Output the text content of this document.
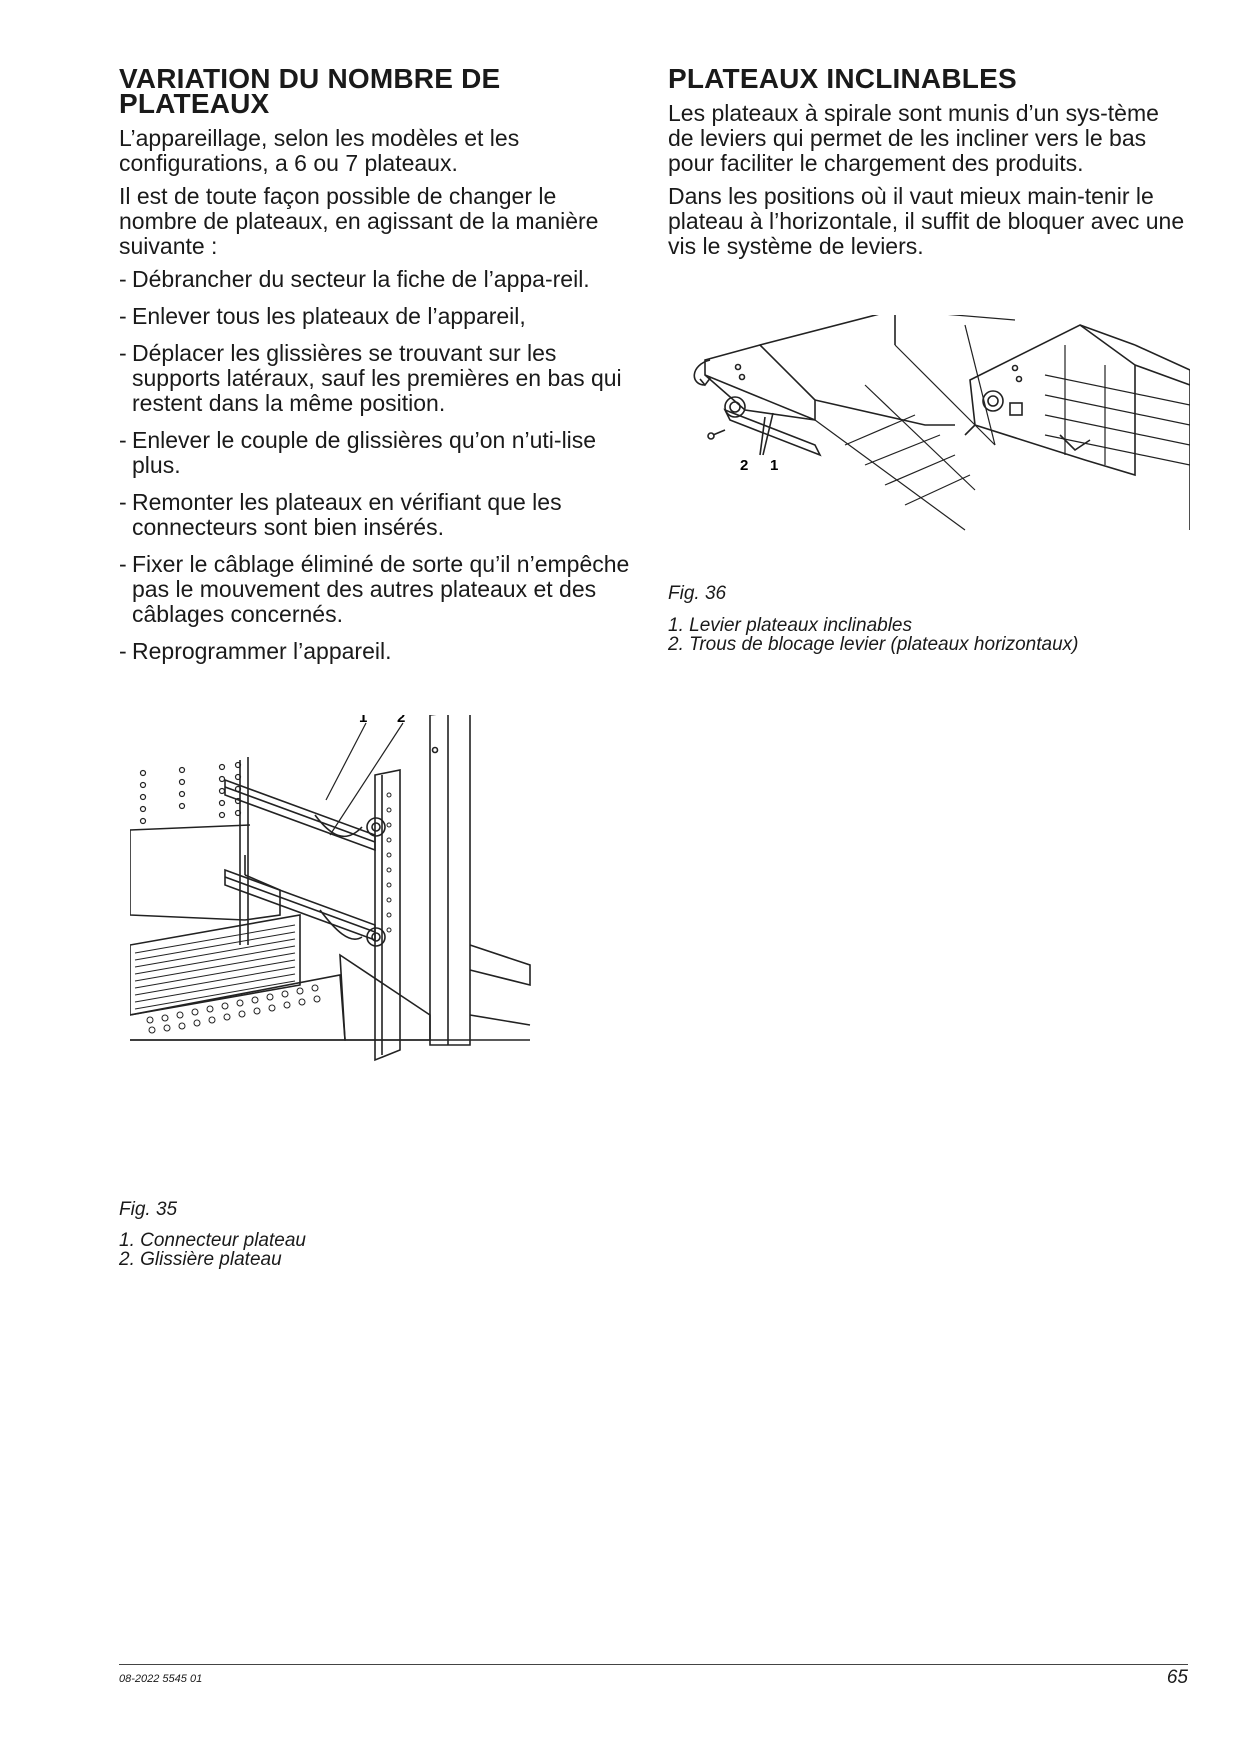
VARIATION DU NOMBRE DE PLATEAUX

L’appareillage, selon les modèles et les configurations, a 6 ou 7 plateaux.

Il est de toute façon possible de changer le nombre de plateaux, en agissant de la manière suivante :

- Débrancher du secteur la fiche de l’appa-reil.
- Enlever tous les plateaux de l’appareil,
- Déplacer les glissières se trouvant sur les supports latéraux, sauf les premières en bas qui restent dans la même position.
- Enlever le couple de glissières qu’on n’uti-lise plus.
- Remonter les plateaux en vérifiant que les connecteurs sont bien insérés.
- Fixer le câblage éliminé de sorte qu’il n’empêche pas le mouvement des autres plateaux et des câblages concernés.
- Reprogrammer l’appareil.
1 2
Fig. 35
1. Connecteur plateau
2. Glissière plateau
PLATEAUX INCLINABLES

Les plateaux à spirale sont munis d’un sys-tème de leviers qui permet de les incliner vers le bas pour faciliter le chargement des produits.

Dans les positions où il vaut mieux main-tenir le plateau à l’horizontale, il suffit de bloquer avec une vis le système de leviers.

2 1
Fig. 36
1. Levier plateaux inclinables
2. Trous de blocage levier (plateaux horizontaux)
08-2022 5545 01	65
